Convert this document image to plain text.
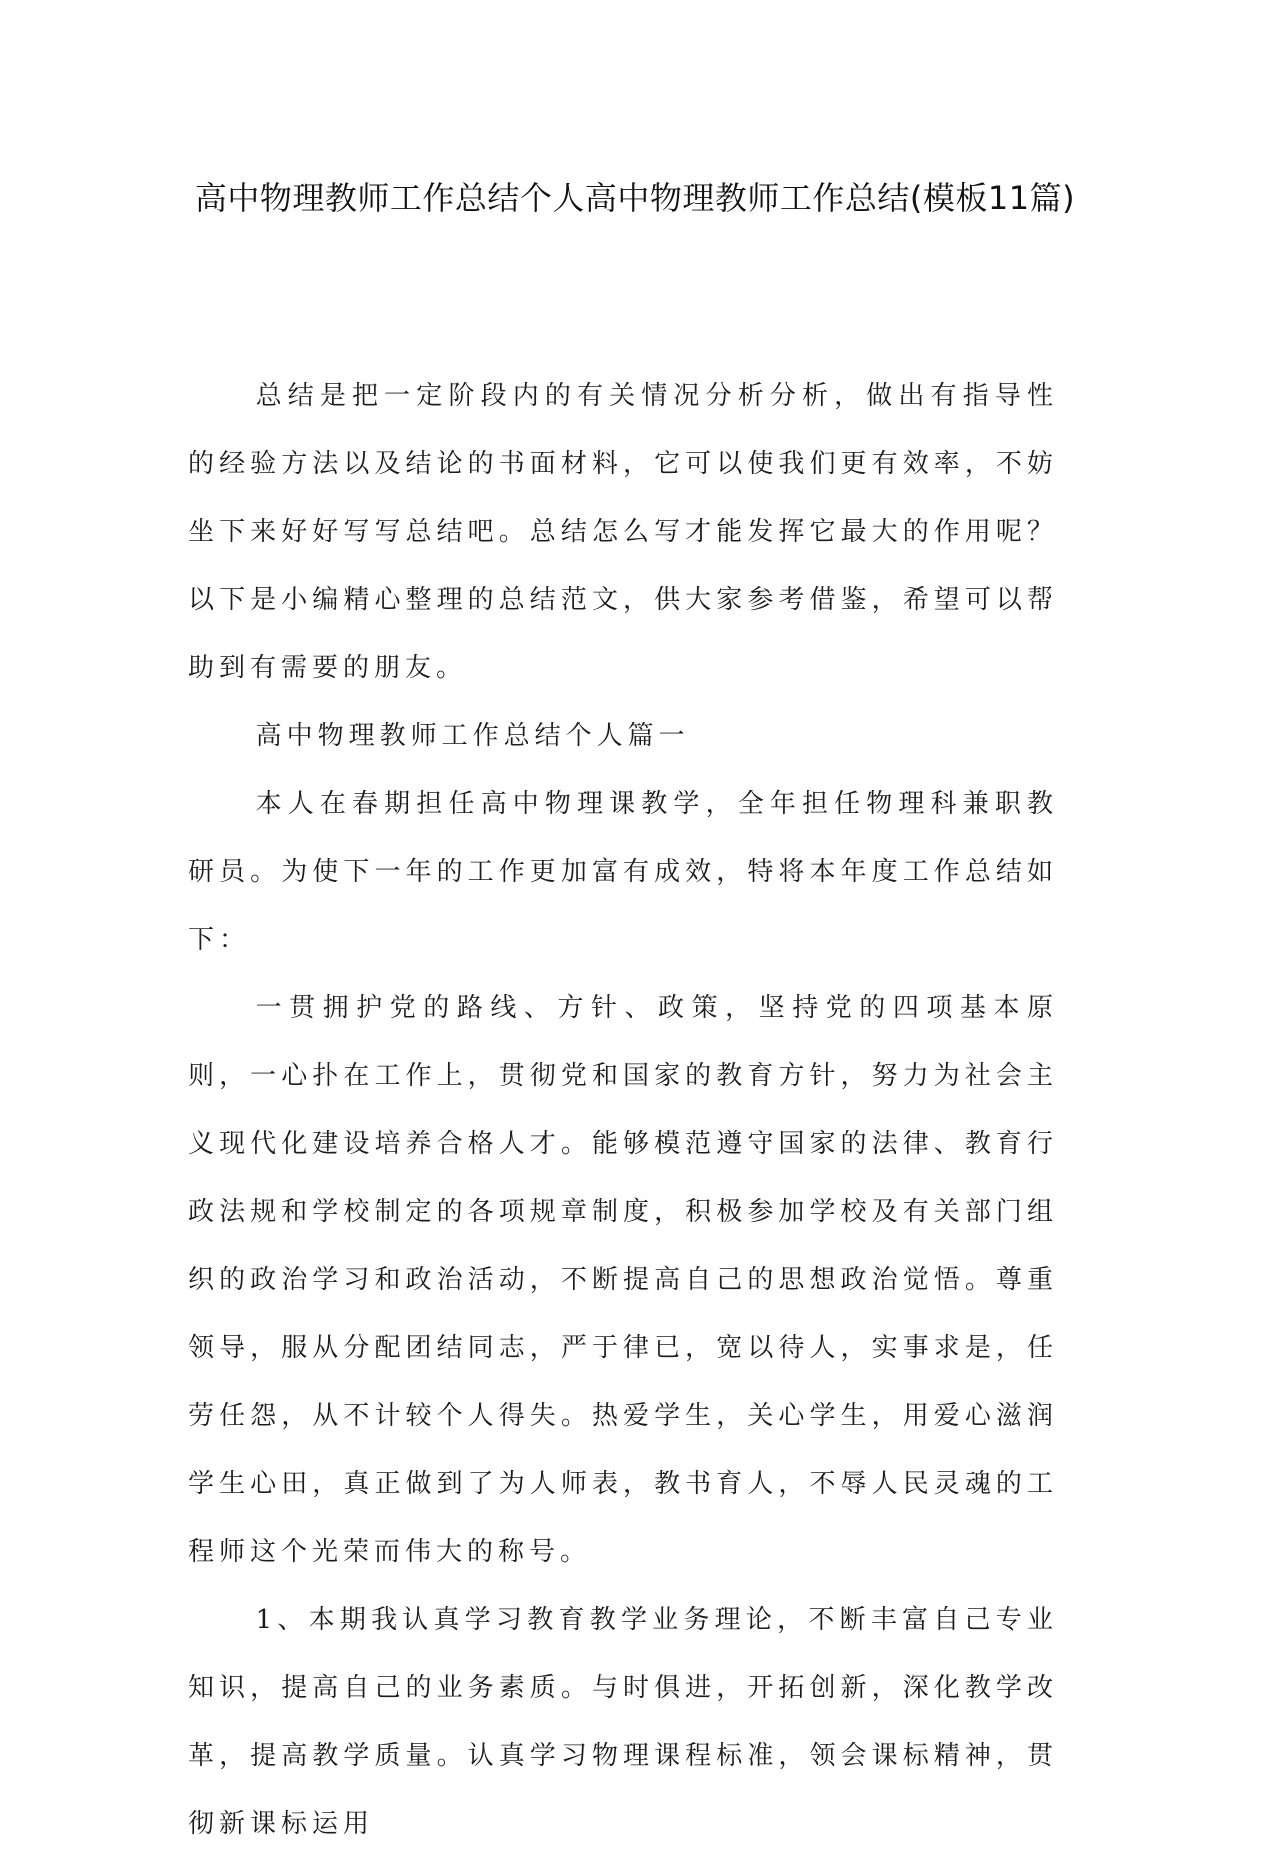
高中物理教师工作总结个人高中物理教师工作总结(模板11篇)

总结是把一定阶段内的有关情况分析分析，做出有指导性的经验方法以及结论的书面材料，它可以使我们更有效率，不妨坐下来好好写写总结吧。总结怎么写才能发挥它最大的作用呢？以下是小编精心整理的总结范文，供大家参考借鉴，希望可以帮助到有需要的朋友。

高中物理教师工作总结个人篇一

本人在春期担任高中物理课教学，全年担任物理科兼职教研员。为使下一年的工作更加富有成效，特将本年度工作总结如下：

一贯拥护党的路线、方针、政策，坚持党的四项基本原则，一心扑在工作上，贯彻党和国家的教育方针，努力为社会主义现代化建设培养合格人才。能够模范遵守国家的法律、教育行政法规和学校制定的各项规章制度，积极参加学校及有关部门组织的政治学习和政治活动，不断提高自己的思想政治觉悟。尊重领导，服从分配团结同志，严于律已，宽以待人，实事求是，任劳任怨，从不计较个人得失。热爱学生，关心学生，用爱心滋润学生心田，真正做到了为人师表，教书育人，不辱人民灵魂的工程师这个光荣而伟大的称号。

1、本期我认真学习教育教学业务理论，不断丰富自己专业知识，提高自己的业务素质。与时俱进，开拓创新，深化教学改革，提高教学质量。认真学习物理课程标准，领会课标精神，贯彻新课标运用
